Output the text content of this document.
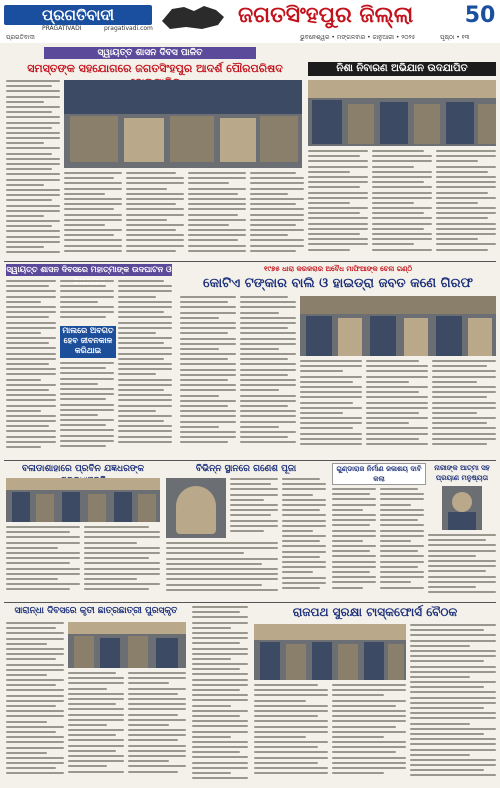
ପ୍ରଗତିବାଦୀ
PRAGATIVADI	pragativadi.com
ଜଗତସିଂହପୁର ଜିଲ୍ଲା	50
ପ୍ରଗତିବାଦୀ	ଭୁବନେଶ୍ୱର • ମଙ୍ଗଳବାର • ଜାନୁଆରୀ • ୨୦୨୫	ପୃଷ୍ଠା • ୧୩
ସ୍ୱାୟତ୍ତ ଶାସନ ଦିବସ ପାଳିତ
ସମସ୍ତଙ୍କ ସହଯୋଗରେ ଜଗତସିଂହପୁର ଆଦର୍ଶ ପୌରପରିଷଦ	ନିଶା ନିବାରଣ ଅଭିଯାନ ଉଦଯାପିତ
ସ୍ୱାୟତ୍ତ ଶାସନ ଦିବସରେ ମହାତ୍ମାଙ୍କ ଉଦଘାଟନ ଓ
ମାଲରେ ଅବଗତ ହେବ ଜୀବନକାଳ କରିଥାଇ
୧୯୭୫ ଧାରା କରକରାର ଅବୈଧ ମାଫିଆଙ୍କ ଚେନା ଗଣ୍ଠି
କୋଟିଏ ଟଙ୍କାର ବାଲି ଓ ହାଇଡ୍ରା ଜବତ କଣେ ଗିରଫ
ବଳାଡାଶାହାରେ ପ୍ରବିନ ଯଜ୍ଞଧରଙ୍କ	ବିଭିନ୍ନ ସ୍ଥାନରେ ଗଣେଶ ପୂଜା	ଗୁଣ୍ଡାରାଜ ନିର୍ମାଣ ଜଳାଶୟ ଦାବି କଲା
ନାରୀଙ୍କ ଆତ୍ମା ସହ ପ୍ରୟାଣ ମନୁଷ୍ୟତା
ସାରାନ୍ଧା ଦିବସରେ କୃତୀ ଛାତ୍ରଛାତ୍ରୀ ପୁରସ୍କୃତ	ରାଜପଥ ସୁରକ୍ଷା ଟାସ୍କଫୋର୍ସ ବୈଠକ
